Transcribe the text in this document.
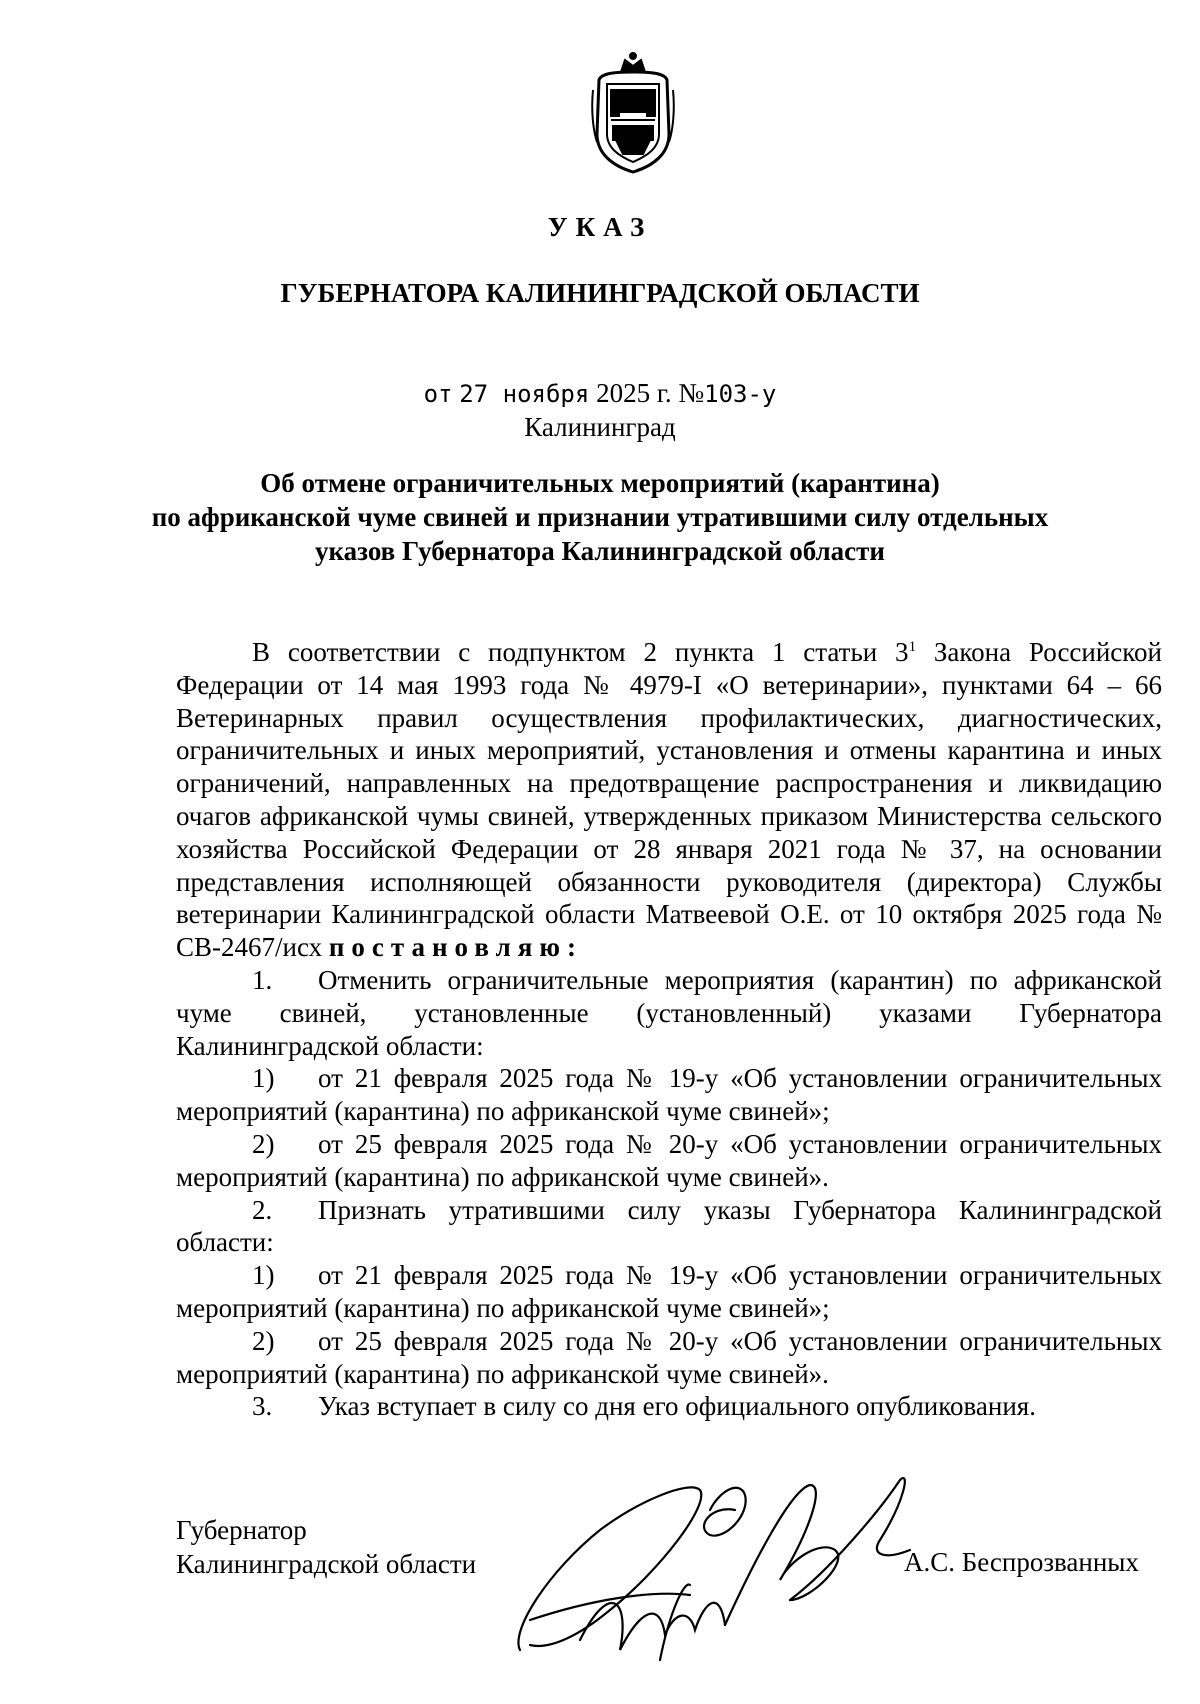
УКАЗ
ГУБЕРНАТОРА КАЛИНИНГРАДСКОЙ ОБЛАСТИ
от 27 ноября 2025 г. №103-у
Калининград
Об отмене ограничительных мероприятий (карантина)
по африканской чуме свиней и признании утратившими силу отдельных
указов Губернатора Калининградской области

В соответствии с подпунктом 2 пункта 1 статьи $3^1$ Закона Российской Федерации от 14 мая 1993 года № 4979-I «О ветеринарии», пунктами 64 – 66 Ветеринарных правил осуществления профилактических, диагностических, ограничительных и иных мероприятий, установления и отмены карантина и иных ограничений, направленных на предотвращение распространения и ликвидацию очагов африканской чумы свиней, утвержденных приказом Министерства сельского хозяйства Российской Федерации от 28 января 2021 года № 37, на основании представления исполняющей обязанности руководителя (директора) Службы ветеринарии Калининградской области Матвеевой О.Е. от 10 октября 2025 года № СВ-2467/исх постановляю:

1. Отменить ограничительные мероприятия (карантин) по африканской чуме свиней, установленные (установленный) указами Губернатора Калининградской области:

1) от 21 февраля 2025 года № 19-у «Об установлении ограничительных мероприятий (карантина) по африканской чуме свиней»;

2) от 25 февраля 2025 года № 20-у «Об установлении ограничительных мероприятий (карантина) по африканской чуме свиней».

2. Признать утратившими силу указы Губернатора Калининградской области:

1) от 21 февраля 2025 года № 19-у «Об установлении ограничительных мероприятий (карантина) по африканской чуме свиней»;

2) от 25 февраля 2025 года № 20-у «Об установлении ограничительных мероприятий (карантина) по африканской чуме свиней».

3. Указ вступает в силу со дня его официального опубликования.

Губернатор
Калининградской области	А.С. Беспрозванных
